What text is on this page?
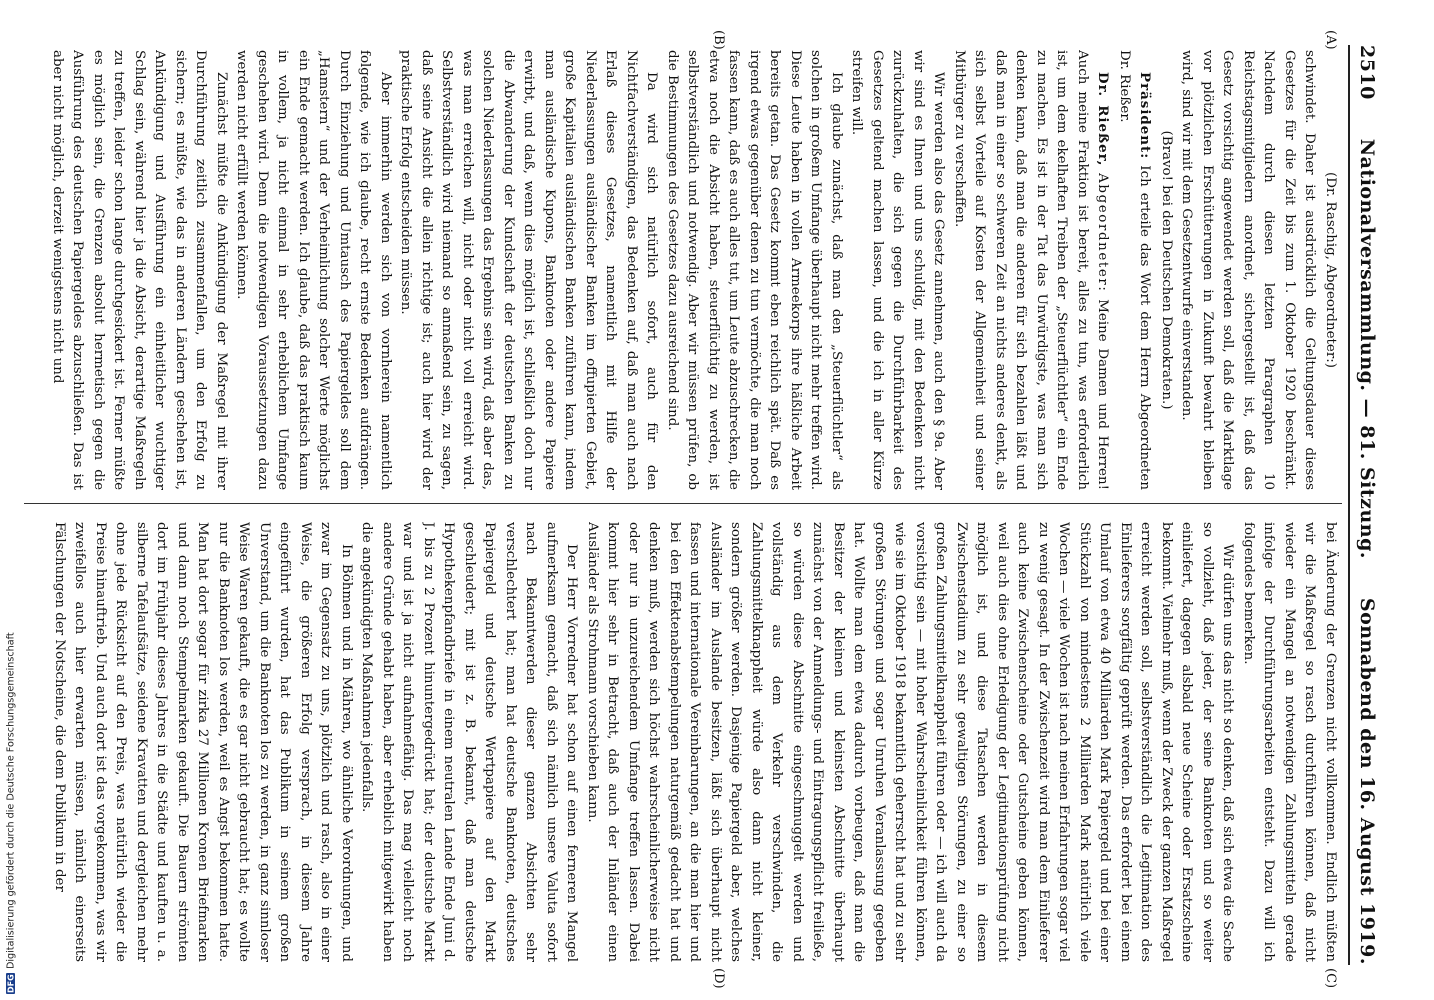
2510
Nationalversammlung. — 81. Sitzung.
Sonnabend den 16. August 1919.
(A)
(B)
(C)
(D)

(Dr. Raschig, Abgeordneter:)

schwindet. Daher ist ausdrücklich die Geltungsdauer dieses Gesetzes für die Zeit bis zum 1. Oktober 1920 beschränkt. Nachdem durch diesen letzten Paragraphen 10 Reichstagsmitgliedern anordnet, sichergestellt ist, daß das Gesetz vorsichtig angewendet werden soll, daß die Marktlage vor plötzlichen Erschütterungen in Zukunft bewahrt bleiben wird, sind wir mit dem Gesetzentwurfe einverstanden.

(Bravo! bei den Deutschen Demokraten.)

Präsident: Ich erteile das Wort dem Herrn Abgeordneten Dr. Rießer.

Dr. Rießer, Abgeordneter: Meine Damen und Herren! Auch meine Fraktion ist bereit, alles zu tun, was erforderlich ist, um dem ekelhaften Treiben der „Steuerflüchtler“ ein Ende zu machen. Es ist in der Tat das Unwürdigste, was man sich denken kann, daß man die anderen für sich bezahlen läßt und daß man in einer so schweren Zeit an nichts anderes denkt, als sich selbst Vorteile auf Kosten der Allgemeinheit und seiner Mitbürger zu verschaffen.

Wir werden also das Gesetz annehmen, auch den § 9a. Aber wir sind es Ihnen und uns schuldig, mit den Bedenken nicht zurückzuhalten, die sich gegen die Durchführbarkeit des Gesetzes geltend machen lassen, und die ich in aller Kürze streifen will.

Ich glaube zunächst, daß man den „Steuerflüchtler“ als solchen in großem Umfange überhaupt nicht mehr treffen wird. Diese Leute haben in vollen Armeekorps ihre häßliche Arbeit bereits getan. Das Gesetz kommt eben reichlich spät. Daß es irgend etwas gegenüber denen zu tun vermöchte, die man noch fassen kann, daß es auch alles tut, um Leute abzuschrecken, die etwa noch die Absicht haben, steuerflüchtig zu werden, ist selbstverständlich und notwendig. Aber wir müssen prüfen, ob die Bestimmungen des Gesetzes dazu ausreichend sind.

Da wird sich natürlich sofort, auch für den Nichtfachverständigen, das Bedenken auf, daß man auch nach Erlaß dieses Gesetzes, namentlich mit Hilfe der Niederlassungen ausländischer Banken im offupierten Gebiet, große Kapitalien ausländischen Banken zuführen kann, indem man ausländische Kupons, Banknoten oder andere Papiere erwirbt, und daß, wenn dies möglich ist, schließlich doch nur die Abwanderung der Kundschaft der deutschen Banken zu solchen Niederlassungen das Ergebnis sein wird, daß aber das, was man erreichen will, nicht oder nicht voll erreicht wird. Selbstverständlich wird niemand so anmaßend sein, zu sagen, daß seine Ansicht die allein richtige ist; auch hier wird der praktische Erfolg entscheiden müssen.

Aber immerhin werden sich von vornherein namentlich folgende, wie ich glaube, recht ernste Bedenken aufdrängen. Durch Einziehung und Umtausch des Papiergeldes soll dem „Hamstern“ und der Verheimlichung solcher Werte möglichst ein Ende gemacht werden. Ich glaube, daß das praktisch kaum in vollem, ja nicht einmal in sehr erheblichem Umfange geschehen wird. Denn die notwendigen Voraussetzungen dazu werden nicht erfüllt werden können.

Zunächst müßte die Ankündigung der Maßregel mit ihrer Durchführung zeitlich zusammenfallen, um den Erfolg zu sichern; es müßte, wie das in anderen Ländern geschehen ist, Ankündigung und Ausführung ein einheitlicher wuchtiger Schlag sein, während hier ja die Absicht, derartige Maßregeln zu treffen, leider schon lange durchgesickert ist. Ferner müßte es möglich sein, die Grenzen absolut hermetisch gegen die Ausführung des deutschen Papiergeldes abzuschließen. Das ist aber nicht möglich, derzeit wenigstens nicht und

bei Änderung der Grenzen nicht vollkommen. Endlich müßten wir die Maßregel so rasch durchführen können, daß nicht wieder ein Mangel an notwendigen Zahlungsmitteln gerade infolge der Durchführungsarbeiten entsteht. Dazu will ich folgendes bemerken.

Wir dürfen uns das nicht so denken, daß sich etwa die Sache so vollzieht, daß jeder, der seine Banknoten und so weiter einliefert, dagegen alsbald neue Scheine oder Ersatzscheine bekommt. Vielmehr muß, wenn der Zweck der ganzen Maßregel erreicht werden soll, selbstverständlich die Legitimation des Einlieferers sorgfältig geprüft werden. Das erfordert bei einem Umlauf von etwa 40 Milliarden Mark Papiergeld und bei einer Stückzahl von mindestens 2 Milliarden Mark natürlich viele Wochen — viele Wochen ist nach meinen Erfahrungen sogar viel zu wenig gesagt. In der Zwischenzeit wird man dem Einlieferer auch keine Zwischenscheine oder Gutscheine geben können, weil auch dies ohne Erledigung der Legitimationsprüfung nicht möglich ist, und diese Tatsachen werden in diesem Zwischenstadium zu sehr gewaltigen Störungen, zu einer so großen Zahlungsmittelknappheit führen oder — ich will auch da vorsichtig sein — mit hoher Wahrscheinlichkeit führen können, wie sie im Oktober 1918 bekanntlich geherrscht hat und zu sehr großen Störungen und sogar Unruhen Veranlassung gegeben hat. Wollte man dem etwa dadurch vorbeugen, daß man die Besitzer der kleinen und kleinsten Abschnitte überhaupt zunächst von der Anmeldungs- und Eintragungspflicht freiließe, so würden diese Abschnitte eingeschmuggelt werden und vollständig aus dem Verkehr verschwinden, die Zahlungsmittelknappheit würde also dann nicht kleiner, sondern größer werden. Dasjenige Papiergeld aber, welches Ausländer im Auslande besitzen, läßt sich überhaupt nicht fassen und internationale Vereinbarungen, an die man hier und bei den Effektenabstempelungen naturgemäß gedacht hat und denken muß, werden sich höchst wahrscheinlicherweise nicht oder nur in unzureichendem Umfange treffen lassen. Dabei kommt hier sehr in Betracht, daß auch der Inländer einen Ausländer als Strohmann vorschieben kann.

Der Herr Vorredner hat schon auf einen ferneren Mangel aufmerksam gemacht, daß sich nämlich unsere Valuta sofort nach Bekanntwerden dieser ganzen Absichten sehr verschlechtert hat; man hat deutsche Banknoten, deutsches Papiergeld und deutsche Wertpapiere auf den Markt geschleudert; mit ist z. B. bekannt, daß man deutsche Hypothekenpfandbriefe in einem neutralen Lande Ende Juni d. J. bis zu 2 Prozent hinuntergedrückt hat; der deutsche Markt war und ist ja nicht aufnahmefähig. Das mag vielleicht noch andere Gründe gehabt haben, aber erheblich mitgewirkt haben die angekündigten Maßnahmen jedenfalls.

In Böhmen und in Mähren, wo ähnliche Verordnungen, und zwar im Gegensatz zu uns, plötzlich und rasch, also in einer Weise, die größeren Erfolg versprach, in diesem Jahre eingeführt wurden, hat das Publikum in seinem großen Unverstand, um die Banknoten los zu werden, in ganz sinnloser Weise Waren gekauft, die es gar nicht gebraucht hat; es wollte nur die Banknoten los werden, weil es Angst bekommen hatte. Man hat dort sogar für zirka 27 Millionen Kronen Briefmarken und dann noch Stempelmarken gekauft. Die Bauern strömten dort im Frühjahr dieses Jahres in die Städte und kauften u. a. silberne Tafelaufsätze, seidene Kravatten und dergleichen mehr ohne jede Rücksicht auf den Preis, was natürlich wieder die Preise hinauftrieb. Und auch dort ist das vorgekommen, was wir zweifellos auch hier erwarten müssen, nämlich einerseits Fälschungen der Notscheine, die dem Publikum in der

DFG
Digitalisierung gefördert durch die Deutsche Forschungsgemeinschaft
